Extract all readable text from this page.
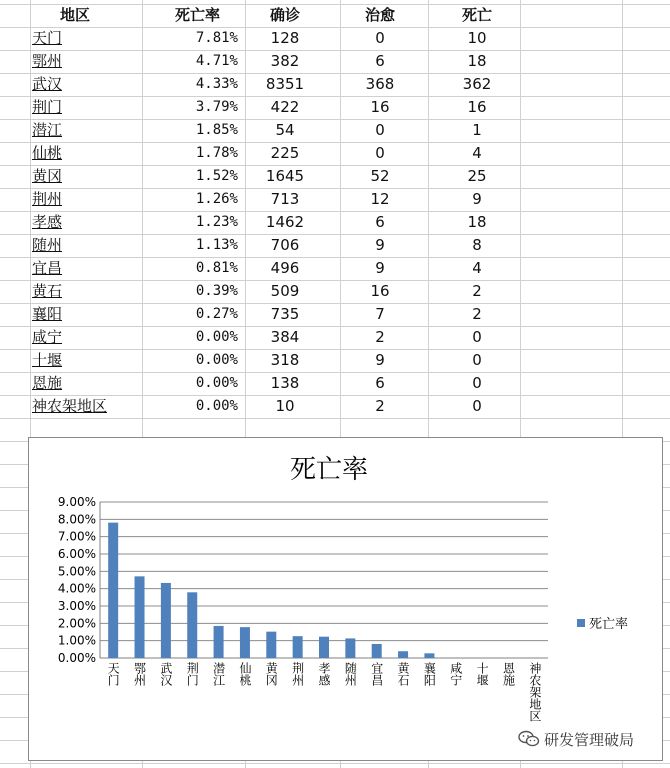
地区	死亡率	确诊	治愈	死亡
天门	7.81%	128	0	10
鄂州	4.71%	382	6	18
武汉	4.33%	8351	368	362
荆门	3.79%	422	16	16
潜江	1.85%	54	0	1
仙桃	1.78%	225	0	4
黄冈	1.52%	1645	52	25
荆州	1.26%	713	12	9
孝感	1.23%	1462	6	18
随州	1.13%	706	9	8
宜昌	0.81%	496	9	4
黄石	0.39%	509	16	2
襄阳	0.27%	735	7	2
咸宁	0.00%	384	2	0
十堰	0.00%	318	9	0
恩施	0.00%	138	6	0
神农架地区	0.00%	10	2	0
死亡率
0.00%
1.00%
2.00%
3.00%
4.00%
5.00%
6.00%
7.00%
8.00%
9.00%
天门 鄂州 武汉 荆门 潜江 仙桃 黄冈 荆州 孝感 随州 宜昌 黄石 襄阳 咸宁 十堰 恩施 神农架地区
死亡率
研发管理破局
